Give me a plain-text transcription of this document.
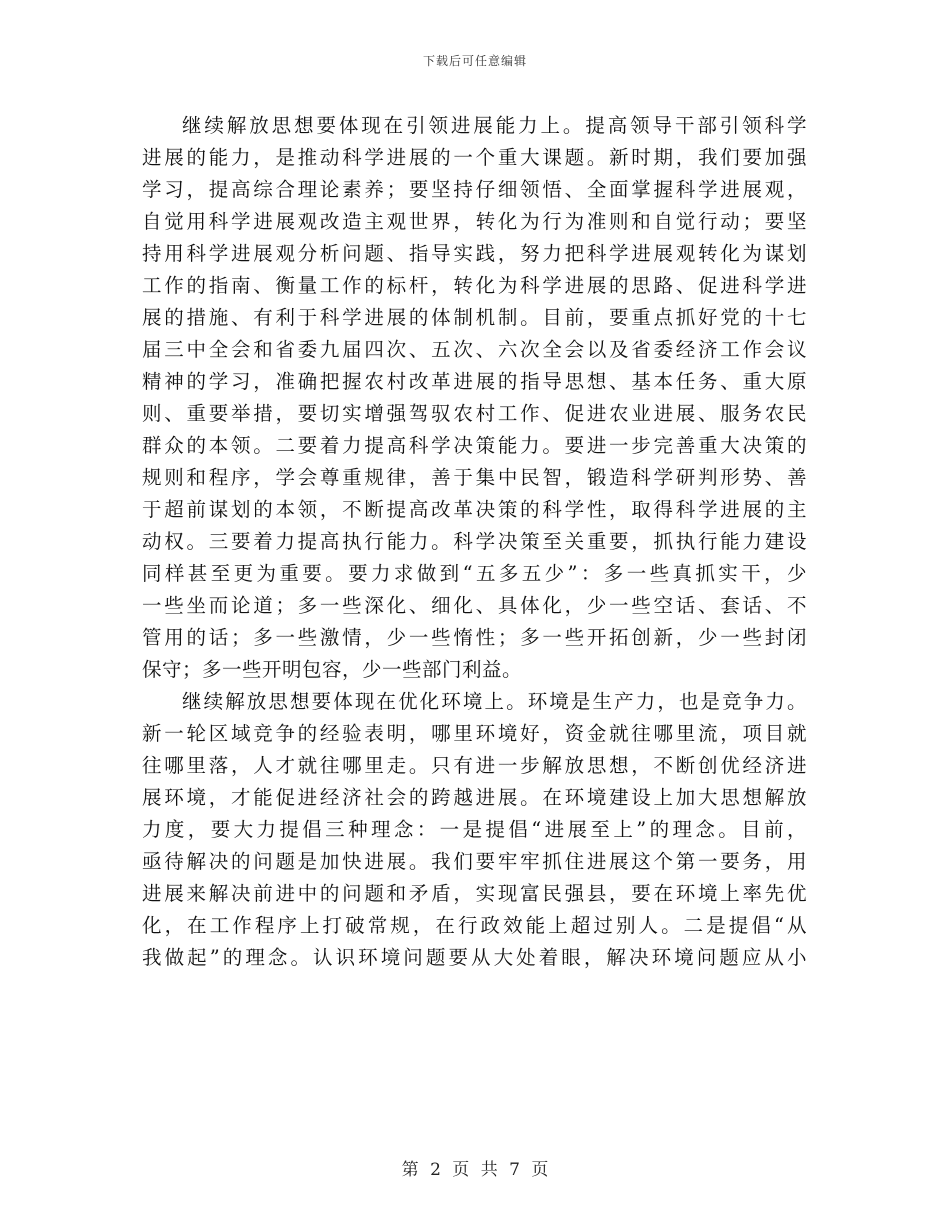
下载后可任意编辑
继续解放思想要体现在引领进展能力上。提高领导干部引领科学
进展的能力，是推动科学进展的一个重大课题。新时期，我们要加强
学习，提高综合理论素养；要坚持仔细领悟、全面掌握科学进展观，
自觉用科学进展观改造主观世界，转化为行为准则和自觉行动；要坚
持用科学进展观分析问题、指导实践，努力把科学进展观转化为谋划
工作的指南、衡量工作的标杆，转化为科学进展的思路、促进科学进
展的措施、有利于科学进展的体制机制。目前，要重点抓好党的十七
届三中全会和省委九届四次、五次、六次全会以及省委经济工作会议
精神的学习，准确把握农村改革进展的指导思想、基本任务、重大原
则、重要举措，要切实增强驾驭农村工作、促进农业进展、服务农民
群众的本领。二要着力提高科学决策能力。要进一步完善重大决策的
规则和程序，学会尊重规律，善于集中民智，锻造科学研判形势、善
于超前谋划的本领，不断提高改革决策的科学性，取得科学进展的主
动权。三要着力提高执行能力。科学决策至关重要，抓执行能力建设
同样甚至更为重要。要力求做到“五多五少”：多一些真抓实干，少
一些坐而论道；多一些深化、细化、具体化，少一些空话、套话、不
管用的话；多一些激情，少一些惰性；多一些开拓创新，少一些封闭
保守；多一些开明包容，少一些部门利益。
继续解放思想要体现在优化环境上。环境是生产力，也是竞争力。
新一轮区域竞争的经验表明，哪里环境好，资金就往哪里流，项目就
往哪里落，人才就往哪里走。只有进一步解放思想，不断创优经济进
展环境，才能促进经济社会的跨越进展。在环境建设上加大思想解放
力度，要大力提倡三种理念：一是提倡“进展至上”的理念。目前，
亟待解决的问题是加快进展。我们要牢牢抓住进展这个第一要务，用
进展来解决前进中的问题和矛盾，实现富民强县，要在环境上率先优
化，在工作程序上打破常规，在行政效能上超过别人。二是提倡“从
我做起”的理念。认识环境问题要从大处着眼，解决环境问题应从小
第 2 页 共 7 页
